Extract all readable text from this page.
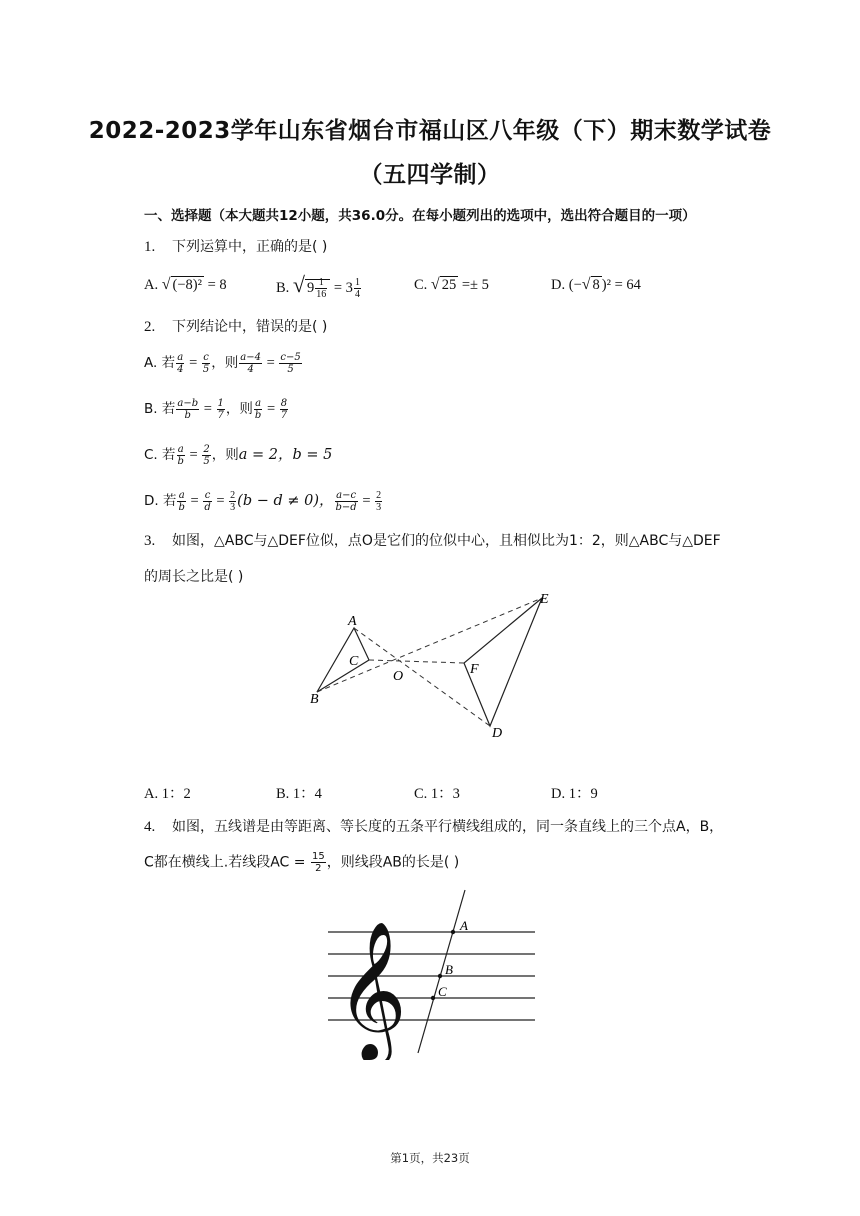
2022-2023学年山东省烟台市福山区八年级（下）期末数学试卷
（五四学制）
一、选择题（本大题共12小题，共36.0分。在每小题列出的选项中，选出符合题目的一项）
1. 下列运算中，正确的是( )
A. √ (−8)² = 8	B. √ $9 \frac{1}{16} = 3 \frac{1}{4}$	C. √ 25 =± 5	D. (−√ 8 )² = 64
2. 下列结论中，错误的是( )
A. 若 $\frac{a}{4} = \frac{c}{5}$ ，则 $\frac{a-4}{4} = \frac{c-5}{5}$
B. 若 $\frac{a-b}{b} = \frac{1}{7}$ ，则 $\frac{a}{b} = \frac{8}{7}$
C. 若 $\frac{a}{b} = \frac{2}{5}$ ，则a = 2，b = 5
D. 若 $\frac{a}{b} = \frac{c}{d} = \frac{2}{3} (b - d \ne 0)$， $\frac{a-c}{b-d} = \frac{2}{3}$
3. 如图，△ABC与△DEF位似，点O是它们的位似中心，且相似比为1：2，则△ABC与△DEF
的周长之比是( )
A
B
C
O
E
F
D
A. 1：2	B. 1：4	C. 1：3	D. 1：9
4. 如图，五线谱是由等距离、等长度的五条平行横线组成的，同一条直线上的三个点A，B，
C都在横线上.若线段AC = $\frac{15}{2}$ ，则线段AB的长是( )
𝄞	A
B
C
第1页，共23页
